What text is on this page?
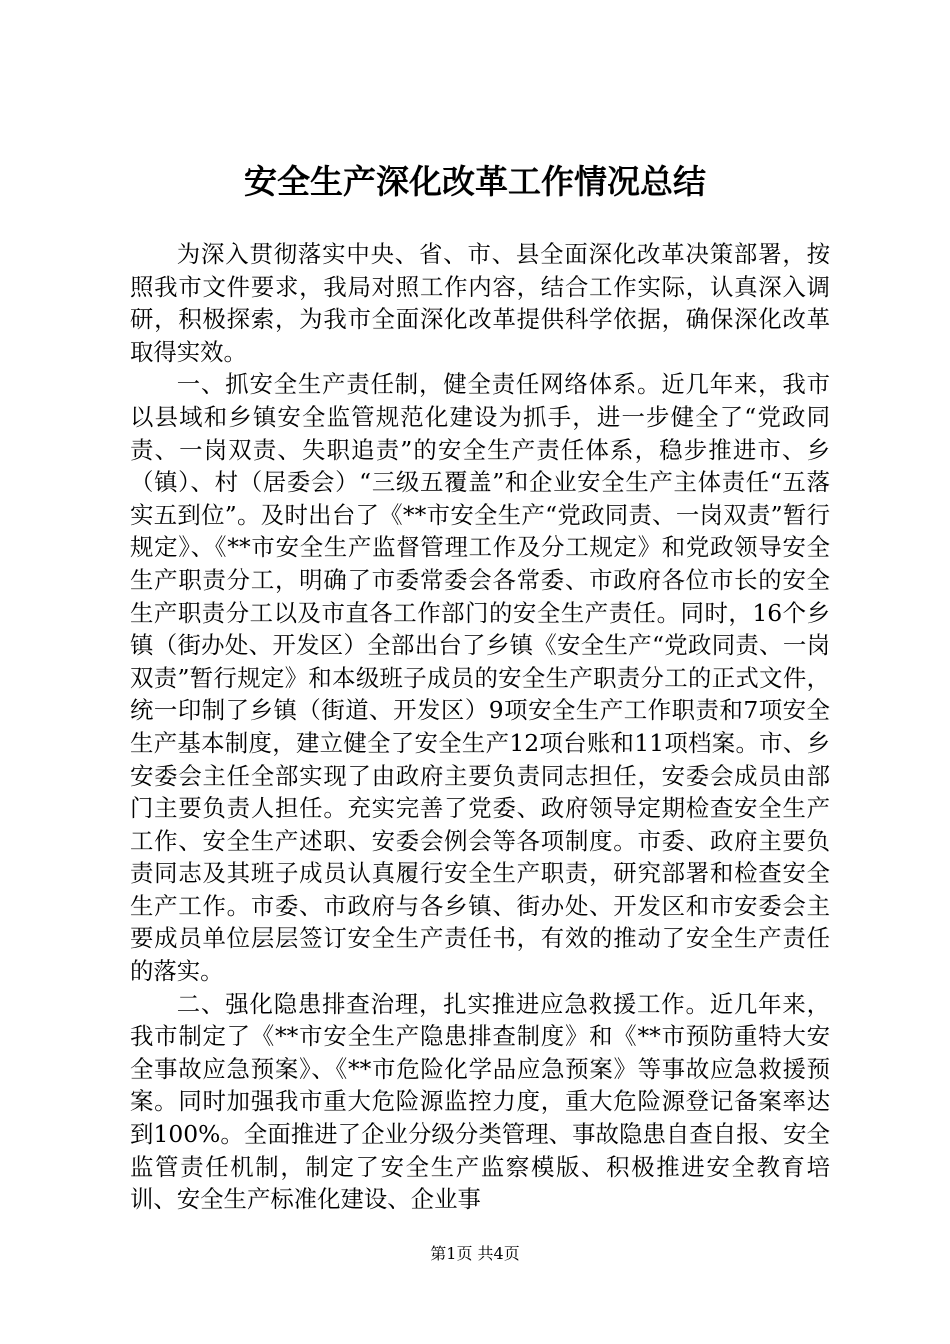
安全生产深化改革工作情况总结

为深入贯彻落实中央、省、市、县全面深化改革决策部署，按照我市文件要求，我局对照工作内容，结合工作实际，认真深入调研，积极探索，为我市全面深化改革提供科学依据，确保深化改革取得实效。

一、抓安全生产责任制，健全责任网络体系。近几年来，我市以县域和乡镇安全监管规范化建设为抓手，进一步健全了“党政同责、一岗双责、失职追责”的安全生产责任体系，稳步推进市、乡（镇）、村（居委会）“三级五覆盖”和企业安全生产主体责任“五落实五到位”。及时出台了《**市安全生产“党政同责、一岗双责”暂行规定》、《**市安全生产监督管理工作及分工规定》和党政领导安全生产职责分工，明确了市委常委会各常委、市政府各位市长的安全生产职责分工以及市直各工作部门的安全生产责任。同时，16个乡镇（街办处、开发区）全部出台了乡镇《安全生产“党政同责、一岗双责”暂行规定》和本级班子成员的安全生产职责分工的正式文件，统一印制了乡镇（街道、开发区）9项安全生产工作职责和7项安全生产基本制度，建立健全了安全生产12项台账和11项档案。市、乡安委会主任全部实现了由政府主要负责同志担任，安委会成员由部门主要负责人担任。充实完善了党委、政府领导定期检查安全生产工作、安全生产述职、安委会例会等各项制度。市委、政府主要负责同志及其班子成员认真履行安全生产职责，研究部署和检查安全生产工作。市委、市政府与各乡镇、街办处、开发区和市安委会主要成员单位层层签订安全生产责任书，有效的推动了安全生产责任的落实。

二、强化隐患排查治理，扎实推进应急救援工作。近几年来，我市制定了《**市安全生产隐患排查制度》和《**市预防重特大安全事故应急预案》、《**市危险化学品应急预案》等事故应急救援预案。同时加强我市重大危险源监控力度，重大危险源登记备案率达到100%。全面推进了企业分级分类管理、事故隐患自查自报、安全监管责任机制，制定了安全生产监察模版、积极推进安全教育培训、安全生产标准化建设、企业事

第1页 共4页
